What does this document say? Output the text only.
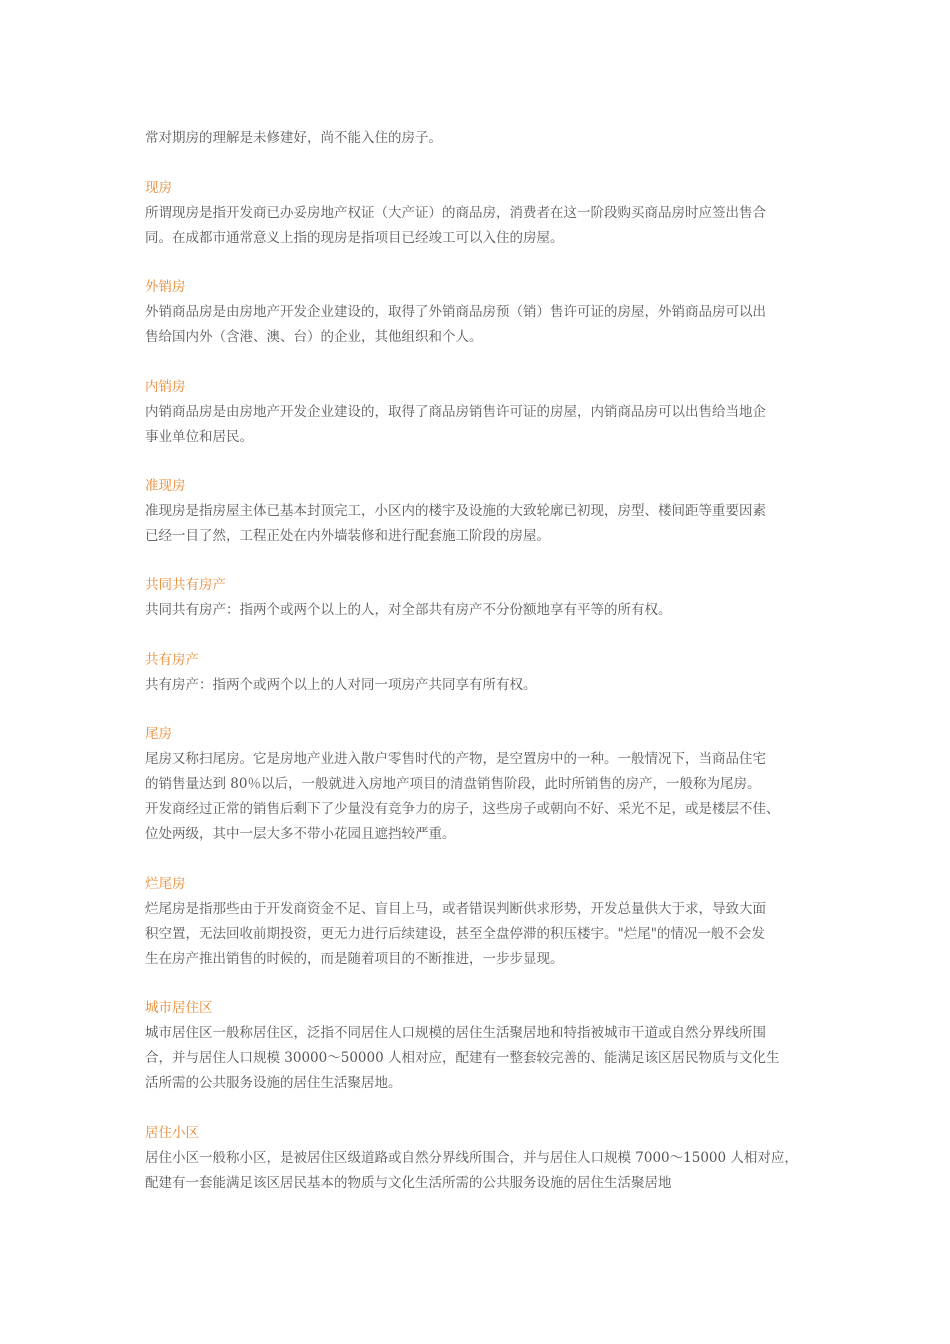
常对期房的理解是未修建好，尚不能入住的房子。
现房
所谓现房是指开发商已办妥房地产权证（大产证）的商品房，消费者在这一阶段购买商品房时应签出售合
同。在成都市通常意义上指的现房是指项目已经竣工可以入住的房屋。
外销房
外销商品房是由房地产开发企业建设的，取得了外销商品房预（销）售许可证的房屋，外销商品房可以出
售给国内外（含港、澳、台）的企业，其他组织和个人。
内销房
内销商品房是由房地产开发企业建设的，取得了商品房销售许可证的房屋，内销商品房可以出售给当地企
事业单位和居民。
准现房
准现房是指房屋主体已基本封顶完工，小区内的楼宇及设施的大致轮廓已初现，房型、楼间距等重要因素
已经一目了然，工程正处在内外墙装修和进行配套施工阶段的房屋。
共同共有房产
共同共有房产：指两个或两个以上的人，对全部共有房产不分份额地享有平等的所有权。
共有房产
共有房产：指两个或两个以上的人对同一项房产共同享有所有权。
尾房
尾房又称扫尾房。它是房地产业进入散户零售时代的产物，是空置房中的一种。一般情况下，当商品住宅
的销售量达到 80％以后，一般就进入房地产项目的清盘销售阶段，此时所销售的房产，一般称为尾房。
开发商经过正常的销售后剩下了少量没有竞争力的房子，这些房子或朝向不好、采光不足，或是楼层不佳、
位处两级，其中一层大多不带小花园且遮挡较严重。
烂尾房
烂尾房是指那些由于开发商资金不足、盲目上马，或者错误判断供求形势，开发总量供大于求，导致大面
积空置，无法回收前期投资，更无力进行后续建设，甚至全盘停滞的积压楼宇。"烂尾"的情况一般不会发
生在房产推出销售的时候的，而是随着项目的不断推进，一步步显现。
城市居住区
城市居住区一般称居住区，泛指不同居住人口规模的居住生活聚居地和特指被城市干道或自然分界线所围
合，并与居住人口规模 30000～50000 人相对应，配建有一整套较完善的、能满足该区居民物质与文化生
活所需的公共服务设施的居住生活聚居地。
居住小区
居住小区一般称小区，是被居住区级道路或自然分界线所围合，并与居住人口规模 7000～15000 人相对应，
配建有一套能满足该区居民基本的物质与文化生活所需的公共服务设施的居住生活聚居地
